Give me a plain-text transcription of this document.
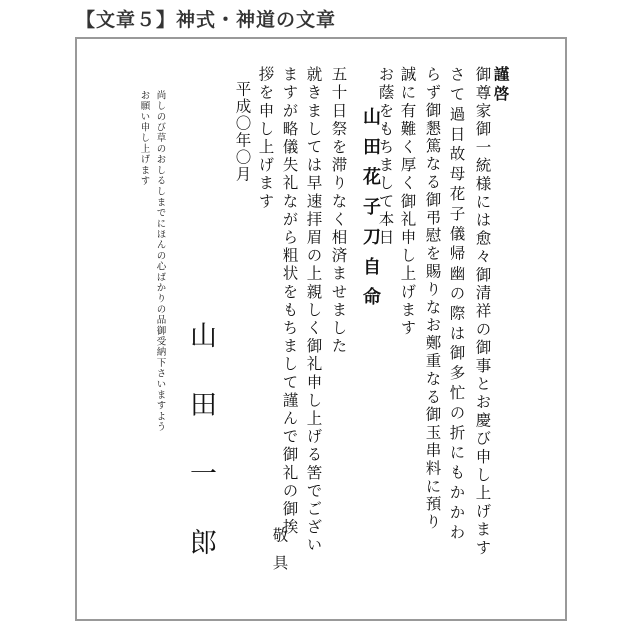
【文章５】神式・神道の文章
謹啓
御尊家御一統様には愈々御清祥の御事とお慶び申し上げます
さて過日故母花子儀帰幽の際は御多忙の折にもかかわ
らず御懇篤なる御弔慰を賜りなお鄭重なる御玉串料に預り
誠に有難く厚く御礼申し上げます
お蔭をもちまして本日
山田花子刀自命
五十日祭を滞りなく相済ませました
就きましては早速拝眉の上親しく御礼申し上げる筈でござい
ますが略儀失礼ながら粗状をもちまして謹んで御礼の御挨
拶を申し上げます
敬具
平成〇年〇月
山田一郎
尚しのび草のおしるしまでにほんの心ばかりの品御受納下さいますよう
お願い申し上げます
